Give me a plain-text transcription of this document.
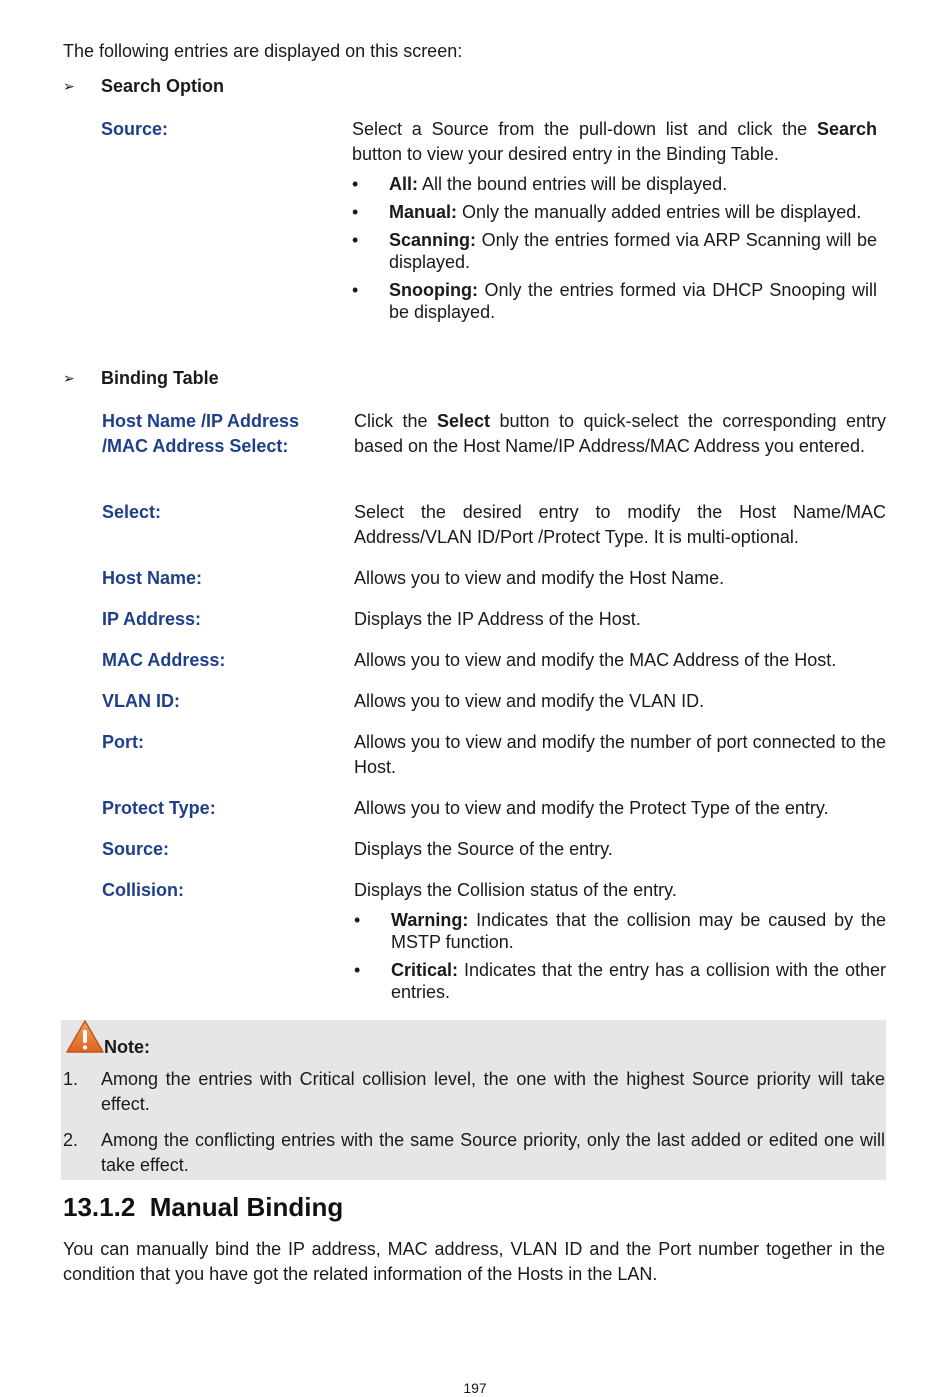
The following entries are displayed on this screen:
➢ Search Option
Source:	Select a Source from the pull-down list and click the Search button to view your desired entry in the Binding Table.
• All: All the bound entries will be displayed.
• Manual: Only the manually added entries will be displayed.
• Scanning: Only the entries formed via ARP Scanning will be displayed.
• Snooping: Only the entries formed via DHCP Snooping will be displayed.
➢ Binding Table
Host Name /IP Address /MAC Address Select:
Click the Select button to quick-select the corresponding entry based on the Host Name/IP Address/MAC Address you entered.
Select:	Select the desired entry to modify the Host Name/MAC Address/VLAN ID/Port /Protect Type. It is multi-optional.
Host Name:	Allows you to view and modify the Host Name.
IP Address:	Displays the IP Address of the Host.
MAC Address:	Allows you to view and modify the MAC Address of the Host.
VLAN ID:	Allows you to view and modify the VLAN ID.
Port:	Allows you to view and modify the number of port connected to the Host.
Protect Type:	Allows you to view and modify the Protect Type of the entry.
Source:	Displays the Source of the entry.
Collision:	Displays the Collision status of the entry.
• Warning: Indicates that the collision may be caused by the MSTP function.
• Critical: Indicates that the entry has a collision with the other entries.
Note:
1. Among the entries with Critical collision level, the one with the highest Source priority will take effect.
2. Among the conflicting entries with the same Source priority, only the last added or edited one will take effect.
13.1.2  Manual Binding
You can manually bind the IP address, MAC address, VLAN ID and the Port number together in the condition that you have got the related information of the Hosts in the LAN.
197
